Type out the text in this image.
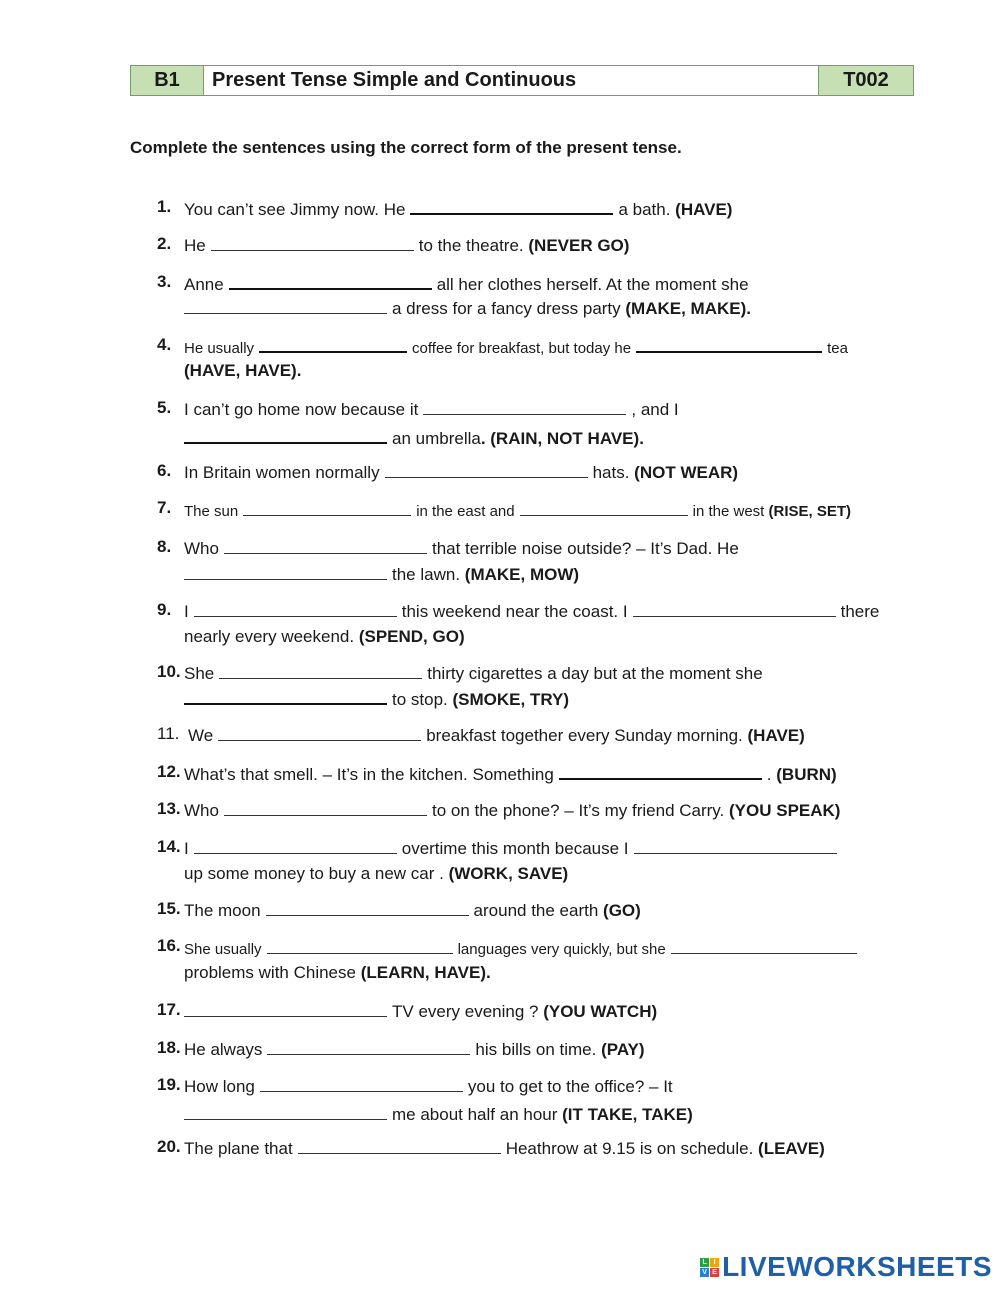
B1	Present Tense Simple and Continuous	T002
Complete the sentences using the correct form of the present tense.
1. You can’t see Jimmy now. He	a bath. (HAVE)
2. He	to the theatre. (NEVER GO)
3. Anne	all her clothes herself. At the moment she
a dress for a fancy dress party (MAKE, MAKE).
4. He usually	coffee for breakfast, but today he	tea
(HAVE, HAVE).
5. I can’t go home now because it	, and I
an umbrella. (RAIN, NOT HAVE).
6. In Britain women normally	hats. (NOT WEAR)
7. The sun	in the east and	in the west (RISE, SET)
8. Who	that terrible noise outside? – It’s Dad. He
the lawn. (MAKE, MOW)
9. I	this weekend near the coast. I	there
nearly every weekend. (SPEND, GO)
10. She	thirty cigarettes a day but at the moment she
to stop. (SMOKE, TRY)
11. We	breakfast together every Sunday morning. (HAVE)
12. What’s that smell. – It’s in the kitchen. Something	. (BURN)
13. Who	to on the phone? – It’s my friend Carry. (YOU SPEAK)
14. I	overtime this month because I
up some money to buy a new car . (WORK, SAVE)
15. The moon	around the earth (GO)
16. She usually	languages very quickly, but she
problems with Chinese (LEARN, HAVE).
17.	TV every evening ? (YOU WATCH)
18. He always	his bills on time. (PAY)
19. How long	you to get to the office? – It
me about half an hour (IT TAKE, TAKE)
20. The plane that	Heathrow at 9.15 is on schedule. (LEAVE)
L I
V E LIVEWORKSHEETS
